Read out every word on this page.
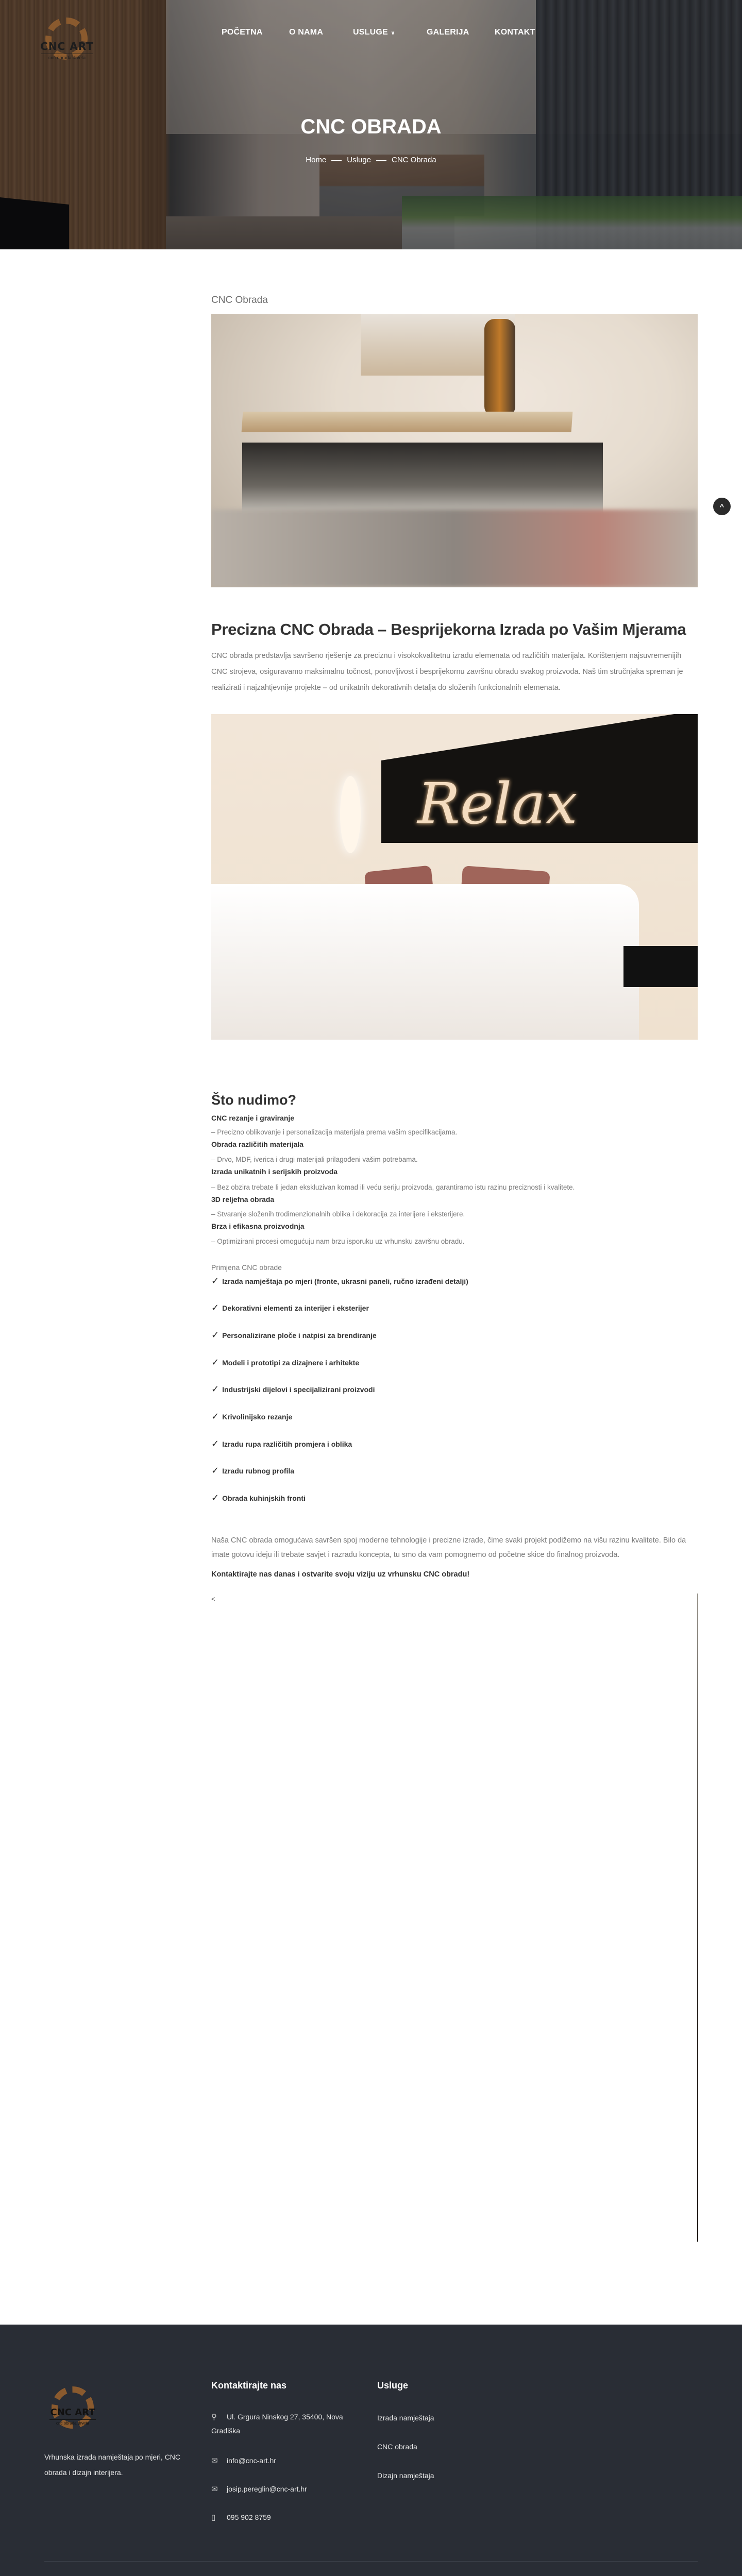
CNC ART
cnc obrada drveta
POČETNA	O NAMA	USLUGE ∨	GALERIJA	KONTAKT
CNC OBRADA
Home	Usluge	CNC Obrada
CNC Obrada
Precizna CNC Obrada – Besprijekorna Izrada po Vašim Mjerama

CNC obrada predstavlja savršeno rješenje za preciznu i visokokvalitetnu izradu elemenata od različitih materijala. Korištenjem najsuvremenijih CNC strojeva, osiguravamo maksimalnu točnost, ponovljivost i besprijekornu završnu obradu svakog proizvoda. Naš tim stručnjaka spreman je realizirati i najzahtjevnije projekte – od unikatnih dekorativnih detalja do složenih funkcionalnih elemenata.

Relax
Što nudimo?
CNC rezanje i graviranje
– Precizno oblikovanje i personalizacija materijala prema vašim specifikacijama.
Obrada različitih materijala
– Drvo, MDF, iverica i drugi materijali prilagođeni vašim potrebama.
Izrada unikatnih i serijskih proizvoda
– Bez obzira trebate li jedan ekskluzivan komad ili veću seriju proizvoda, garantiramo istu razinu preciznosti i kvalitete.
3D reljefna obrada
– Stvaranje složenih trodimenzionalnih oblika i dekoracija za interijere i eksterijere.
Brza i efikasna proizvodnja
– Optimizirani procesi omogućuju nam brzu isporuku uz vrhunsku završnu obradu.
Primjena CNC obrade
✓ Izrada namještaja po mjeri (fronte, ukrasni paneli, ručno izrađeni detalji)
✓ Dekorativni elementi za interijer i eksterijer
✓ Personalizirane ploče i natpisi za brendiranje
✓ Modeli i prototipi za dizajnere i arhitekte
✓ Industrijski dijelovi i specijalizirani proizvodi
✓ Krivolinijsko rezanje
✓ Izradu rupa različitih promjera i oblika
✓ Izradu rubnog profila
✓ Obrada kuhinjskih fronti

Naša CNC obrada omogućava savršen spoj moderne tehnologije i precizne izrade, čime svaki projekt podižemo na višu razinu kvalitete. Bilo da imate gotovu ideju ili trebate savjet i razradu koncepta, tu smo da vam pomognemo od početne skice do finalnog proizvoda.

Kontaktirajte nas danas i ostvarite svoju viziju uz vrhunsku CNC obradu!
<
^
CNC ART
cnc obrada drveta

Vrhunska izrada namještaja po mjeri, CNC obrada i dizajn interijera.

Kontaktirajte nas
⚲ Ul. Grgura Ninskog 27, 35400, Nova Gradiška
✉ info@cnc-art.hr
✉ josip.pereglin@cnc-art.hr
▯ 095 902 8759
Usluge
Izrada namještaja
CNC obrada
Dizajn namještaja
